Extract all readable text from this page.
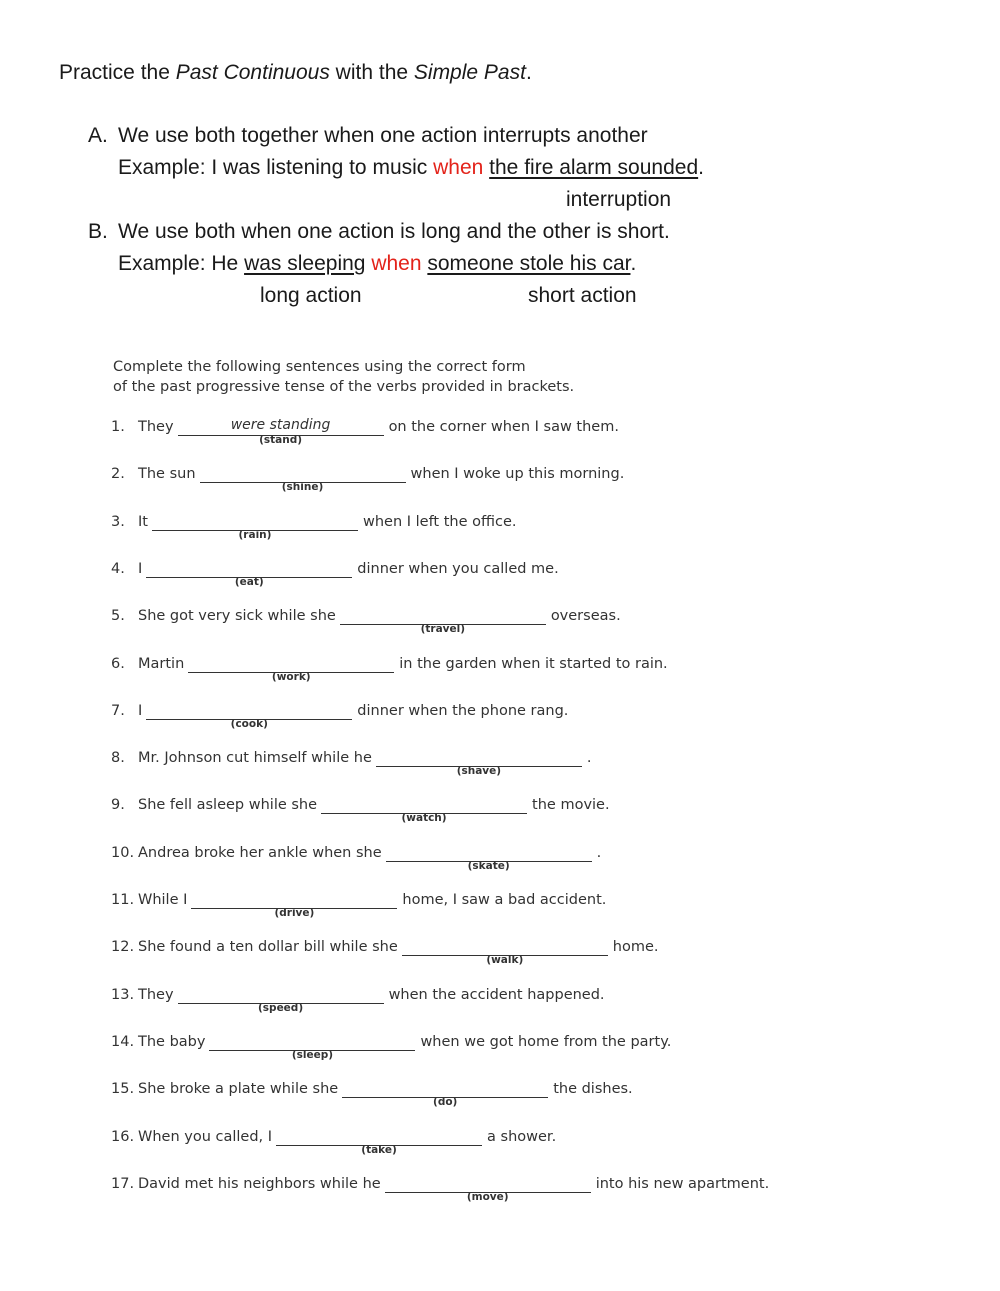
Practice the Past Continuous with the Simple Past.
A. We use both together when one action interrupts another
Example: I was listening to music when the fire alarm sounded.
interruption
B. We use both when one action is long and the other is short.
Example: He was sleeping when someone stole his car.
long action	short action
Complete the following sentences using the correct form
of the past progressive tense of the verbs provided in brackets.
1. They	were standing
(stand)
on the corner when I saw them.
2. The sun
(shine)
when I woke up this morning.
3. It
(rain)
when I left the office.
4. I
(eat)
dinner when you called me.
5. She got very sick while she
(travel)
overseas.
6. Martin
(work)
in the garden when it started to rain.
7. I
(cook)
dinner when the phone rang.
8. Mr. Johnson cut himself while he
(shave)
.
9. She fell asleep while she
(watch)
the movie.
10. Andrea broke her ankle when she
(skate)
.
11. While I
(drive)
home, I saw a bad accident.
12. She found a ten dollar bill while she
(walk)
home.
13. They
(speed)
when the accident happened.
14. The baby
(sleep)
when we got home from the party.
15. She broke a plate while she
(do)
the dishes.
16. When you called, I
(take)
a shower.
17. David met his neighbors while he
(move)
into his new apartment.
